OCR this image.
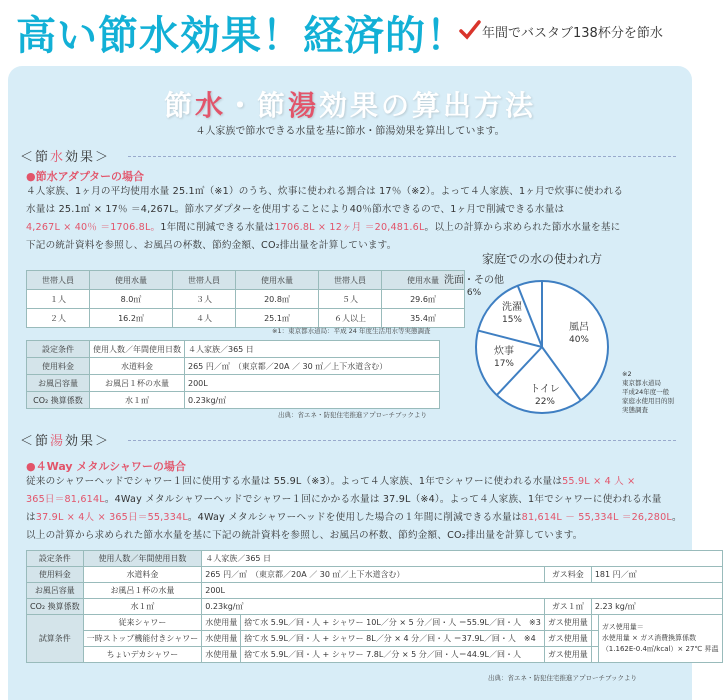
高い節水効果！経済的！ 年間でバスタブ138杯分を節水
節水・節湯効果の算出方法
４人家族で節水できる水量を基に節水・節湯効果を算出しています。
＜節水効果＞
●節水アダプターの場合
４人家族、1ヶ月の平均使用水量 25.1㎥（※1）のうち、炊事に使われる割合は 17％（※2）。よって４人家族、1ヶ月で炊事に使われる
水量は 25.1㎥ × 17％ ＝4,267L。節水アダプターを使用することにより40％節水できるので、1ヶ月で削減できる水量は
4,267L × 40％ ＝1706.8L。1年間に削減できる水量は1706.8L × 12ヶ月 ＝20,481.6L。以上の計算から求められた節水水量を基に
下記の統計資料を参照し、お風呂の杯数、節約金額、CO₂排出量を計算しています。
世帯人員	使用水量	世帯人員	使用水量	世帯人員	使用水量
１人	8.0㎥	３人	20.8㎥	５人	29.6㎥
２人	16.2㎥	４人	25.1㎥	６人以上	35.4㎥
※1：東京都水道局：平成 24 年度生活用水等実態調査
設定条件	使用人数／年間使用日数	４人家族／365 日
使用料金	水道料金	265 円／㎥　（東京都／20A ／ 30 ㎥／上下水道含む）
お風呂容量	お風呂１杯の水量	200L
CO₂ 換算係数	水１㎥	0.23kg/㎥
出典：省エネ・防犯住宅推進アプローチブックより
家庭での水の使われ方
風呂
40%
トイレ
22%
炊事
17%
洗濯
15%
洗面・その他
6%
※2
東京都水道局
平成24年度一般
家庭水使用目的別
実態調査
＜節湯効果＞
●４Way メタルシャワーの場合
従来のシャワーヘッドでシャワー１回に使用する水量は 55.9L（※3）。よって４人家族、1年でシャワーに使われる水量は55.9L × 4 人 ×
365日＝81,614L。4Way メタルシャワーヘッドでシャワー１回にかかる水量は 37.9L（※4）。よって４人家族、1年でシャワーに使われる水量
は37.9L × 4人 × 365日＝55,334L。4Way メタルシャワーヘッドを使用した場合の１年間に削減できる水量は81,614L － 55,334L ＝26,280L。
以上の計算から求められた節水水量を基に下記の統計資料を参照し、お風呂の杯数、節約金額、CO₂排出量を計算しています。
設定条件	使用人数／年間使用日数	４人家族／365 日				
使用料金	水道料金	265 円／㎥　（東京都／20A ／ 30 ㎥／上下水道含む）		ガス料金	181 円／㎥	
お風呂容量	お風呂１杯の水量	200L				
CO₂ 換算係数	水１㎥	0.23kg/㎥		ガス１㎥	2.23 kg/㎥	
試算条件	従来シャワー	水使用量	捨て水 5.9L／回・人 + シャワー 10L／分 × 5 分／回・人 ＝55.9L／回・人　※3	ガス使用量		ガス使用量＝
水使用量 × ガス消費換算係数
（1.162E-0.4㎥/kcal）× 27℃ 昇温

	一時ストップ機能付きシャワー	水使用量	捨て水 5.9L／回・人 + シャワー 8L／分 × 4 分／回・人 ＝37.9L／回・人　※4	ガス使用量		
	ちょいデカシャワー	水使用量	捨て水 5.9L／回・人 + シャワー 7.8L／分 × 5 分／回・人＝44.9L／回・人	ガス使用量		
出典：省エネ・防犯住宅推進アプローチブックより
